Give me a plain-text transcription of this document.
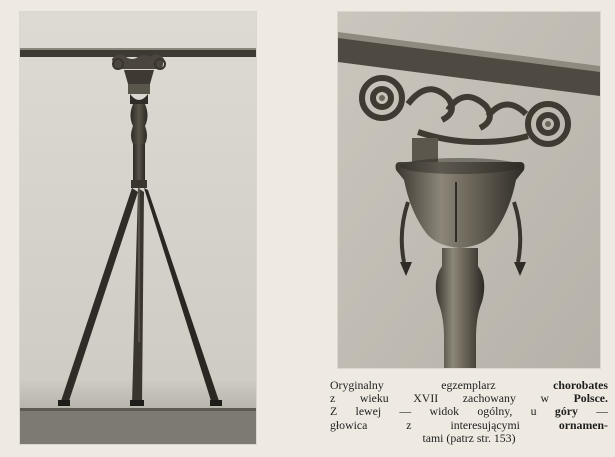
Oryginalny egzemplarz chorobates
z wieku XVII zachowany w Polsce.
Z lewej — widok ogólny, u góry —
głowica z interesującymi ornamen-
tami (patrz str. 153)
